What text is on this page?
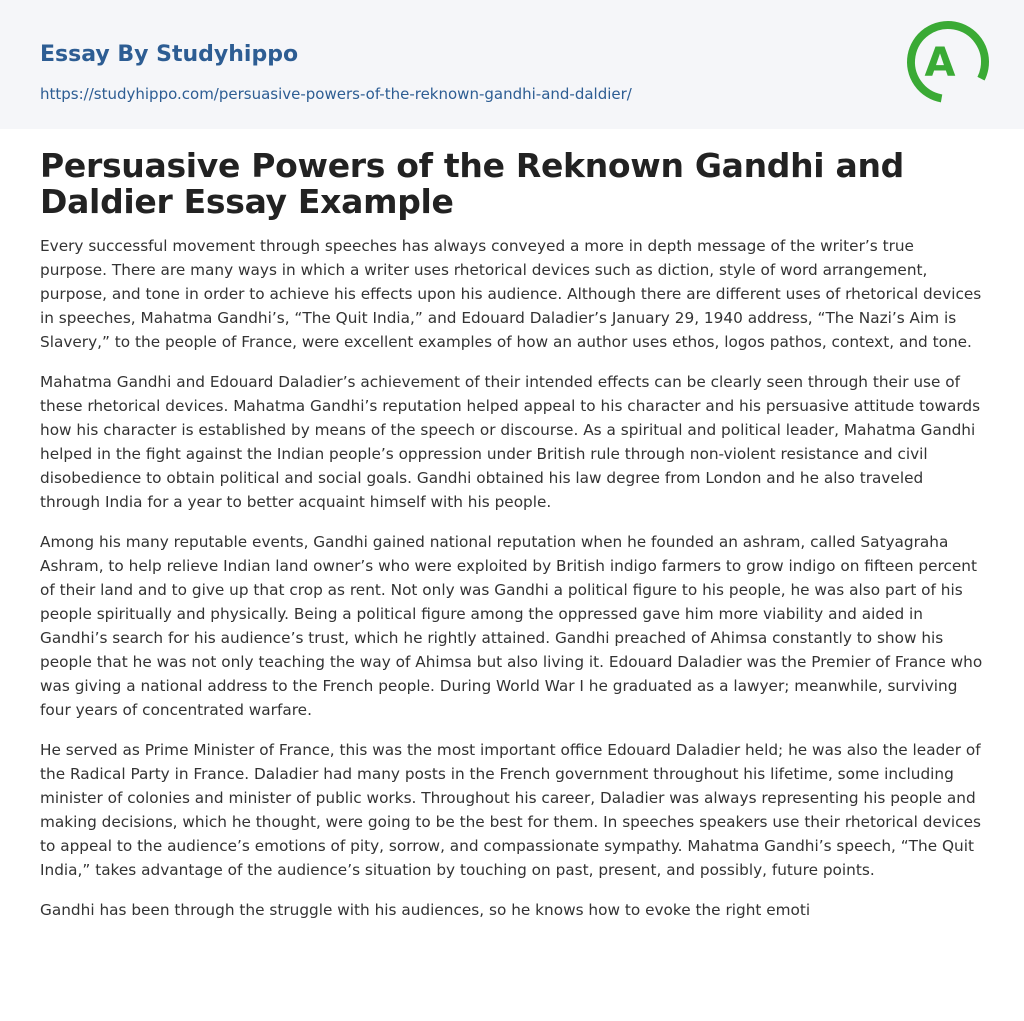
Essay By Studyhippo
https://studyhippo.com/persuasive-powers-of-the-reknown-gandhi-and-daldier/
A
Persuasive Powers of the Reknown Gandhi and Daldier Essay Example

Every successful movement through speeches has always conveyed a more in depth message of the writer’s true purpose. There are many ways in which a writer uses rhetorical devices such as diction, style of word arrangement, purpose, and tone in order to achieve his effects upon his audience. Although there are different uses of rhetorical devices in speeches, Mahatma Gandhi’s, “The Quit India,” and Edouard Daladier’s January 29, 1940 address, “The Nazi’s Aim is Slavery,” to the people of France, were excellent examples of how an author uses ethos, logos pathos, context, and tone.

Mahatma Gandhi and Edouard Daladier’s achievement of their intended effects can be clearly seen through their use of these rhetorical devices. Mahatma Gandhi’s reputation helped appeal to his character and his persuasive attitude towards how his character is established by means of the speech or discourse. As a spiritual and political leader, Mahatma Gandhi helped in the fight against the Indian people’s oppression under British rule through non-violent resistance and civil disobedience to obtain political and social goals. Gandhi obtained his law degree from London and he also traveled through India for a year to better acquaint himself with his people.

Among his many reputable events, Gandhi gained national reputation when he founded an ashram, called Satyagraha Ashram, to help relieve Indian land owner’s who were exploited by British indigo farmers to grow indigo on fifteen percent of their land and to give up that crop as rent. Not only was Gandhi a political figure to his people, he was also part of his people spiritually and physically. Being a political figure among the oppressed gave him more viability and aided in Gandhi’s search for his audience’s trust, which he rightly attained. Gandhi preached of Ahimsa constantly to show his people that he was not only teaching the way of Ahimsa but also living it. Edouard Daladier was the Premier of France who was giving a national address to the French people. During World War I he graduated as a lawyer; meanwhile, surviving four years of concentrated warfare.

He served as Prime Minister of France, this was the most important office Edouard Daladier held; he was also the leader of the Radical Party in France. Daladier had many posts in the French government throughout his lifetime, some including minister of colonies and minister of public works. Throughout his career, Daladier was always representing his people and making decisions, which he thought, were going to be the best for them. In speeches speakers use their rhetorical devices to appeal to the audience’s emotions of pity, sorrow, and compassionate sympathy. Mahatma Gandhi’s speech, “The Quit India,” takes advantage of the audience’s situation by touching on past, present, and possibly, future points.

Gandhi has been through the struggle with his audiences, so he knows how to evoke the right emoti
